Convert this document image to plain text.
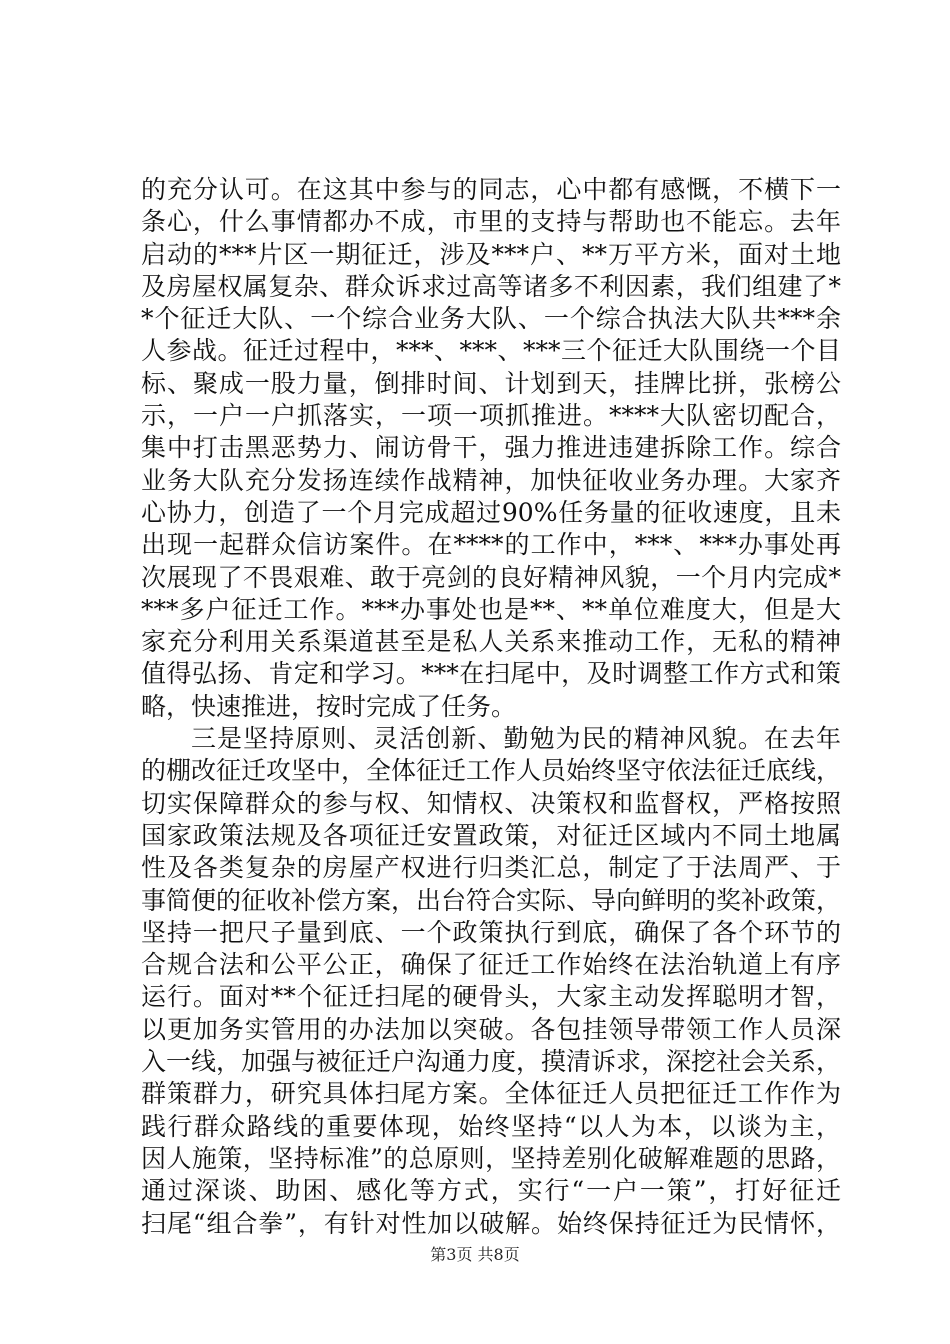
的充分认可。在这其中参与的同志，心中都有感慨，不横下一
条心，什么事情都办不成，市里的支持与帮助也不能忘。去年
启动的***片区一期征迁，涉及***户、**万平方米，面对土地
及房屋权属复杂、群众诉求过高等诸多不利因素，我们组建了*
*个征迁大队、一个综合业务大队、一个综合执法大队共***余
人参战。征迁过程中，***、***、***三个征迁大队围绕一个目
标、聚成一股力量，倒排时间、计划到天，挂牌比拼，张榜公
示，一户一户抓落实，一项一项抓推进。****大队密切配合，
集中打击黑恶势力、闹访骨干，强力推进违建拆除工作。综合
业务大队充分发扬连续作战精神，加快征收业务办理。大家齐
心协力，创造了一个月完成超过90%任务量的征收速度，且未
出现一起群众信访案件。在****的工作中，***、***办事处再
次展现了不畏艰难、敢于亮剑的良好精神风貌，一个月内完成*
***多户征迁工作。***办事处也是**、**单位难度大，但是大
家充分利用关系渠道甚至是私人关系来推动工作，无私的精神
值得弘扬、肯定和学习。***在扫尾中，及时调整工作方式和策
略，快速推进，按时完成了任务。
三是坚持原则、灵活创新、勤勉为民的精神风貌。在去年
的棚改征迁攻坚中，全体征迁工作人员始终坚守依法征迁底线，
切实保障群众的参与权、知情权、决策权和监督权，严格按照
国家政策法规及各项征迁安置政策，对征迁区域内不同土地属
性及各类复杂的房屋产权进行归类汇总，制定了于法周严、于
事简便的征收补偿方案，出台符合实际、导向鲜明的奖补政策，
坚持一把尺子量到底、一个政策执行到底，确保了各个环节的
合规合法和公平公正，确保了征迁工作始终在法治轨道上有序
运行。面对**个征迁扫尾的硬骨头，大家主动发挥聪明才智，
以更加务实管用的办法加以突破。各包挂领导带领工作人员深
入一线，加强与被征迁户沟通力度，摸清诉求，深挖社会关系，
群策群力，研究具体扫尾方案。全体征迁人员把征迁工作作为
践行群众路线的重要体现，始终坚持“以人为本，以谈为主，
因人施策，坚持标准”的总原则，坚持差别化破解难题的思路，
通过深谈、助困、感化等方式，实行“一户一策”，打好征迁
扫尾“组合拳”，有针对性加以破解。始终保持征迁为民情怀，
第3页 共8页
